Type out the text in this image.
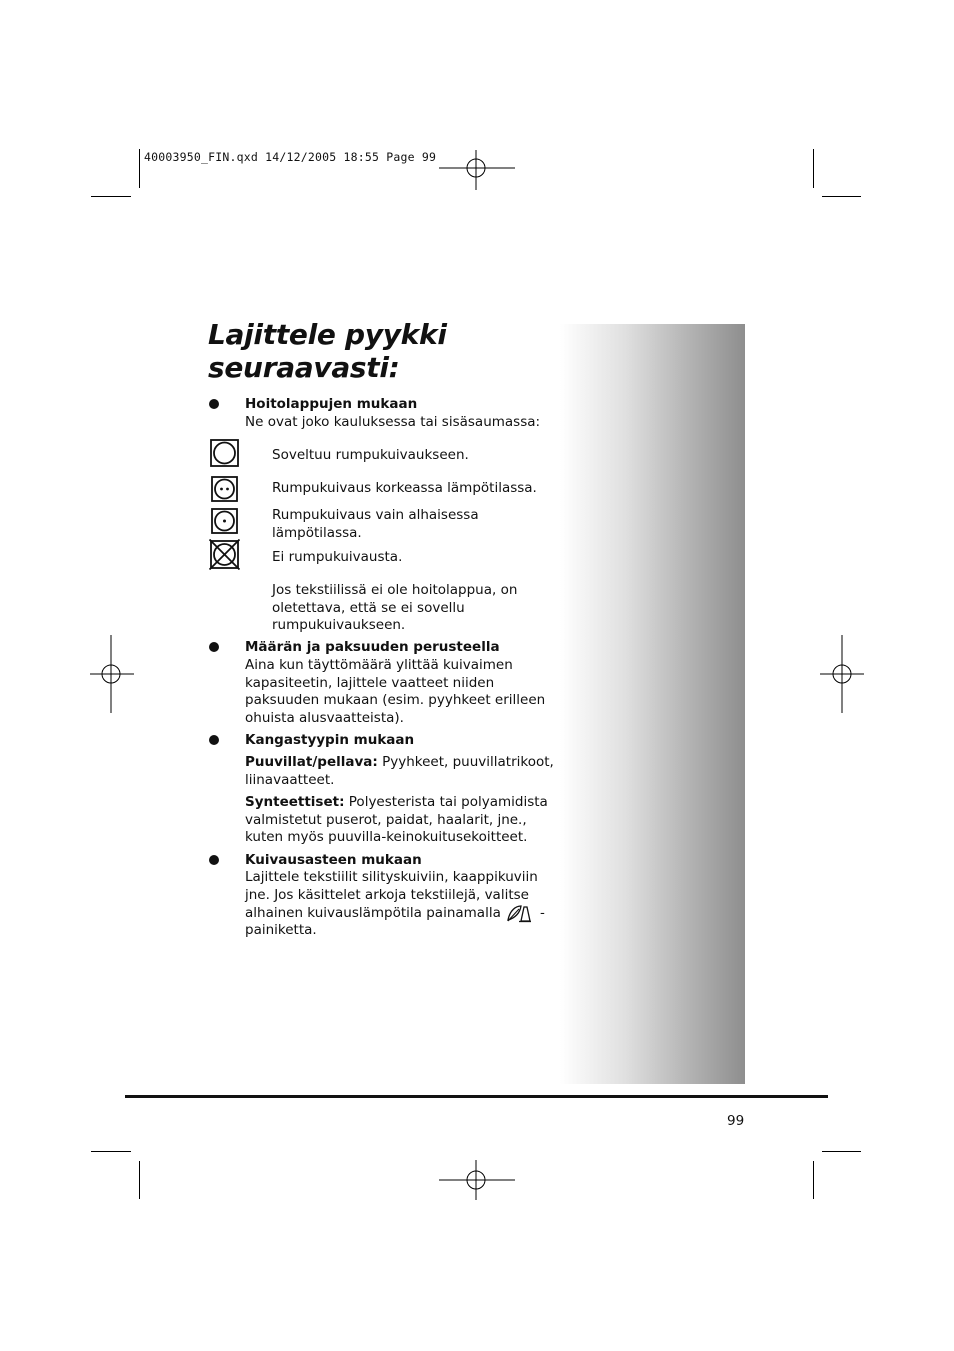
40003950_FIN.qxd 14/12/2005 18:55 Page 99
Lajittele pyykki
seuraavasti:
Hoitolappujen mukaan
Ne ovat joko kauluksessa tai sisäsaumassa:
Soveltuu rumpukuivaukseen.
Rumpukuivaus korkeassa lämpötilassa.
Rumpukuivaus vain alhaisessa
lämpötilassa.
Ei rumpukuivausta.
Jos tekstiilissä ei ole hoitolappua, on
oletettava, että se ei sovellu
rumpukuivaukseen.
Määrän ja paksuuden perusteella
Aina kun täyttömäärä ylittää kuivaimen
kapasiteetin, lajittele vaatteet niiden
paksuuden mukaan (esim. pyyhkeet erilleen
ohuista alusvaatteista).
Kangastyypin mukaan
Puuvillat/pellava: Pyyhkeet, puuvillatrikoot,
liinavaatteet.
Synteettiset: Polyesterista tai polyamidista
valmistetut puserot, paidat, haalarit, jne.,
kuten myös puuvilla-keinokuitusekoitteet.
Kuivausasteen mukaan
Lajittele tekstiilit silityskuiviin, kaappikuviin
jne. Jos käsittelet arkoja tekstiilejä, valitse
alhainen kuivauslämpötila painamalla	-
painiketta.
99
